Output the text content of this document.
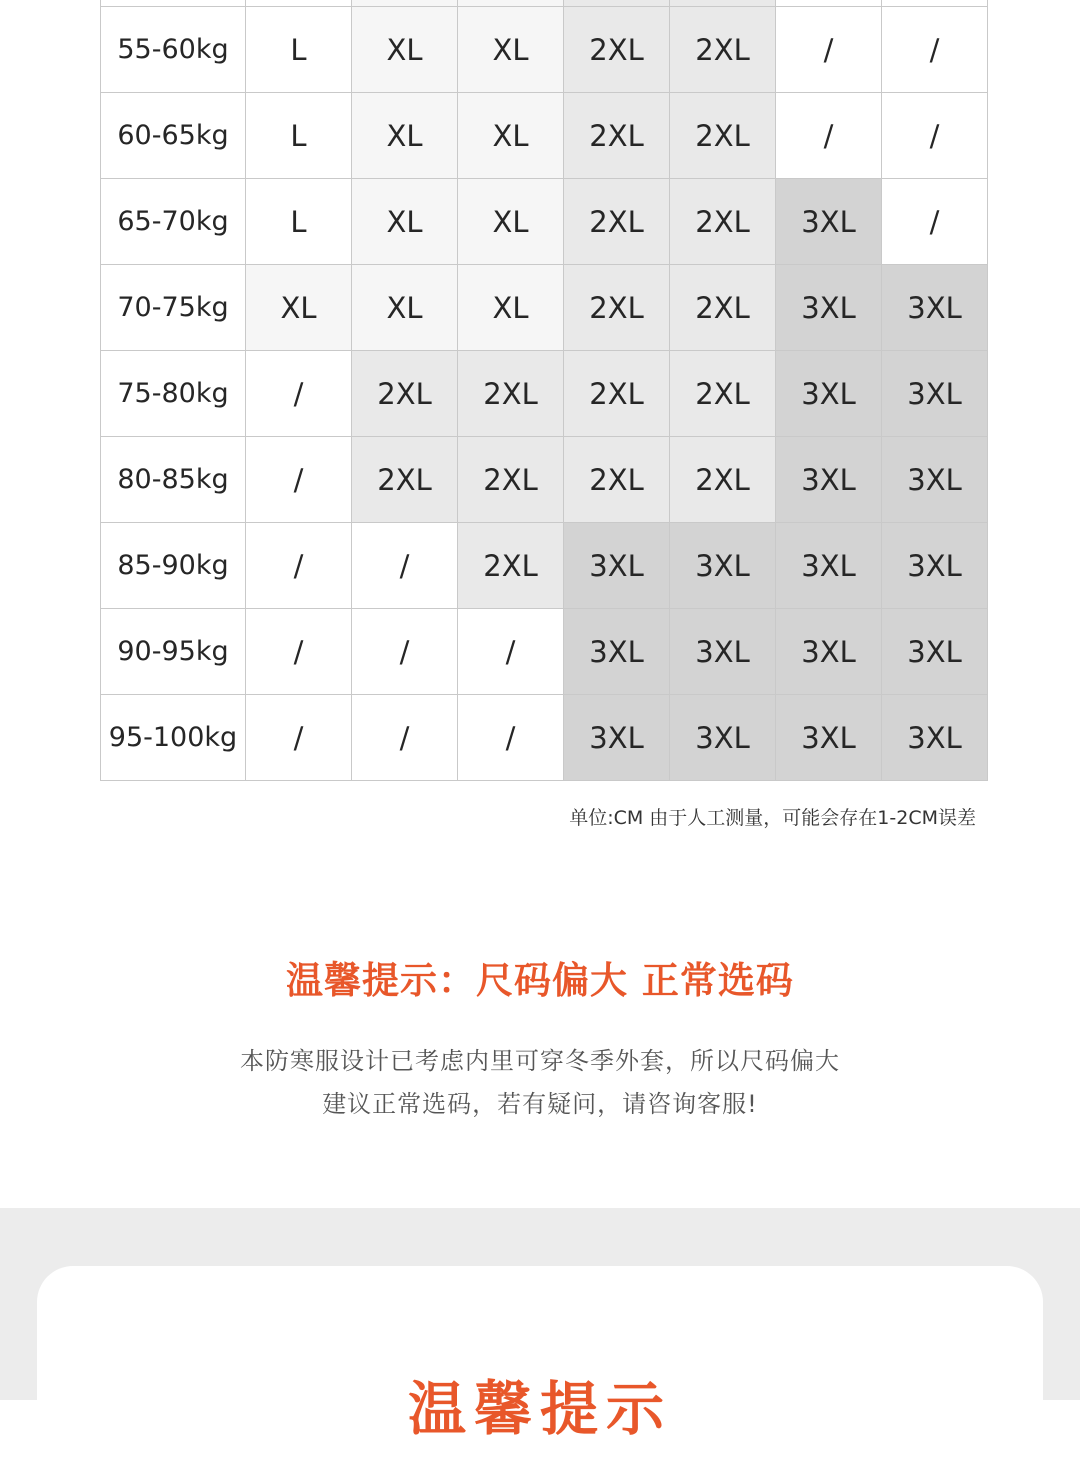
55-60kg	L	XL	XL	2XL	2XL	/	/
60-65kg	L	XL	XL	2XL	2XL	/	/
65-70kg	L	XL	XL	2XL	2XL	3XL	/
70-75kg	XL	XL	XL	2XL	2XL	3XL	3XL
75-80kg	/	2XL	2XL	2XL	2XL	3XL	3XL
80-85kg	/	2XL	2XL	2XL	2XL	3XL	3XL
85-90kg	/	/	2XL	3XL	3XL	3XL	3XL
90-95kg	/	/	/	3XL	3XL	3XL	3XL
95-100kg	/	/	/	3XL	3XL	3XL	3XL
单位:CM 由于人工测量，可能会存在1-2CM误差
温馨提示：尺码偏大 正常选码
本防寒服设计已考虑内里可穿冬季外套，所以尺码偏大
建议正常选码，若有疑问，请咨询客服!
温馨提示
